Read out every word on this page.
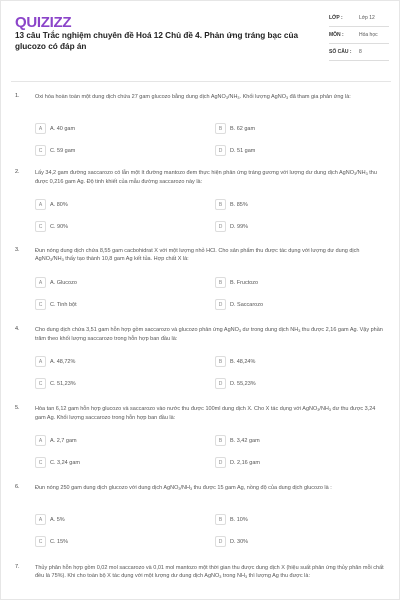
QUIZIZZ
13 câu Trắc nghiệm chuyên đề Hoá 12 Chủ đề 4. Phản ứng tráng bạc của glucozo có đáp án
LỚP :	Lớp 12
MÔN :	Hóa học
SỐ CÂU :	8
1.	Oxi hóa hoàn toàn một dung dịch chứa 27 gam glucozo bằng dung dịch $AgNO_3/NH_3$. Khối lượng AgNO$_3$ đã tham gia phản ứng là:
A	A. 40 gam	B	B. 62 gam
C	C. 59 gam	D	D. 51 gam
2.	Lấy 34,2 gam đường saccarozo có lẫn một ít đường mantozo đem thực hiện phản ứng tráng gương với lượng dư dung dịch $AgNO_3/NH_3$ thu được 0,216 gam Ag. Độ tinh khiết của mẫu đường saccarozo này là:
A	A. 80%	B	B. 85%
C	C. 90%	D	D. 99%
3.	Đun nóng dung dịch chứa 8,55 gam cacbohidrat X với một lượng nhỏ HCl. Cho sản phẩm thu được tác dụng với lượng dư dung dịch $AgNO_3/NH_3$ thấy tạo thành 10,8 gam Ag kết tủa. Hợp chất X là:
A	A. Glucozo	B	B. Fructozo
C	C. Tinh bột	D	D. Saccarozo
4.	Cho dung dịch chứa 3,51 gam hỗn hợp gồm saccarozo và glucozo phản ứng AgNO$_3$ dư trong dung dịch $NH_3$ thu được 2,16 gam Ag. Vậy phần trăm theo khối lượng saccarozo trong hỗn hợp ban đầu là:
A	A. 48,72%	B	B. 48,24%
C	C. 51,23%	D	D. 55,23%
5.	Hòa tan 6,12 gam hỗn hợp glucozo và saccarozo vào nước thu được 100ml dung dịch X. Cho X tác dụng với $AgNO_3/NH_3$ dư thu được 3,24 gam Ag. Khối lượng saccarozo trong hỗn hợp ban đầu là:
A	A. 2,7 gam	B	B. 3,42 gam
C	C. 3,24 gam	D	D. 2,16 gam
6.	Đun nóng 250 gam dung dịch glucozo với dung dịch $AgNO_3/NH_3$ thu được 15 gam Ag, nồng độ của dung dịch glucozo là :
A	A. 5%	B	B. 10%
C	C. 15%	D	D. 30%
7.	Thủy phân hỗn hợp gồm 0,02 mol saccarozo và 0,01 mol mantozo một thời gian thu được dung dịch X (hiệu suất phản ứng thủy phân mỗi chất đều là 75%). Khi cho toàn bộ X tác dụng với một lượng dư dung dịch AgNO$_3$ trong $NH_3$ thì lượng Ag thu được là:
